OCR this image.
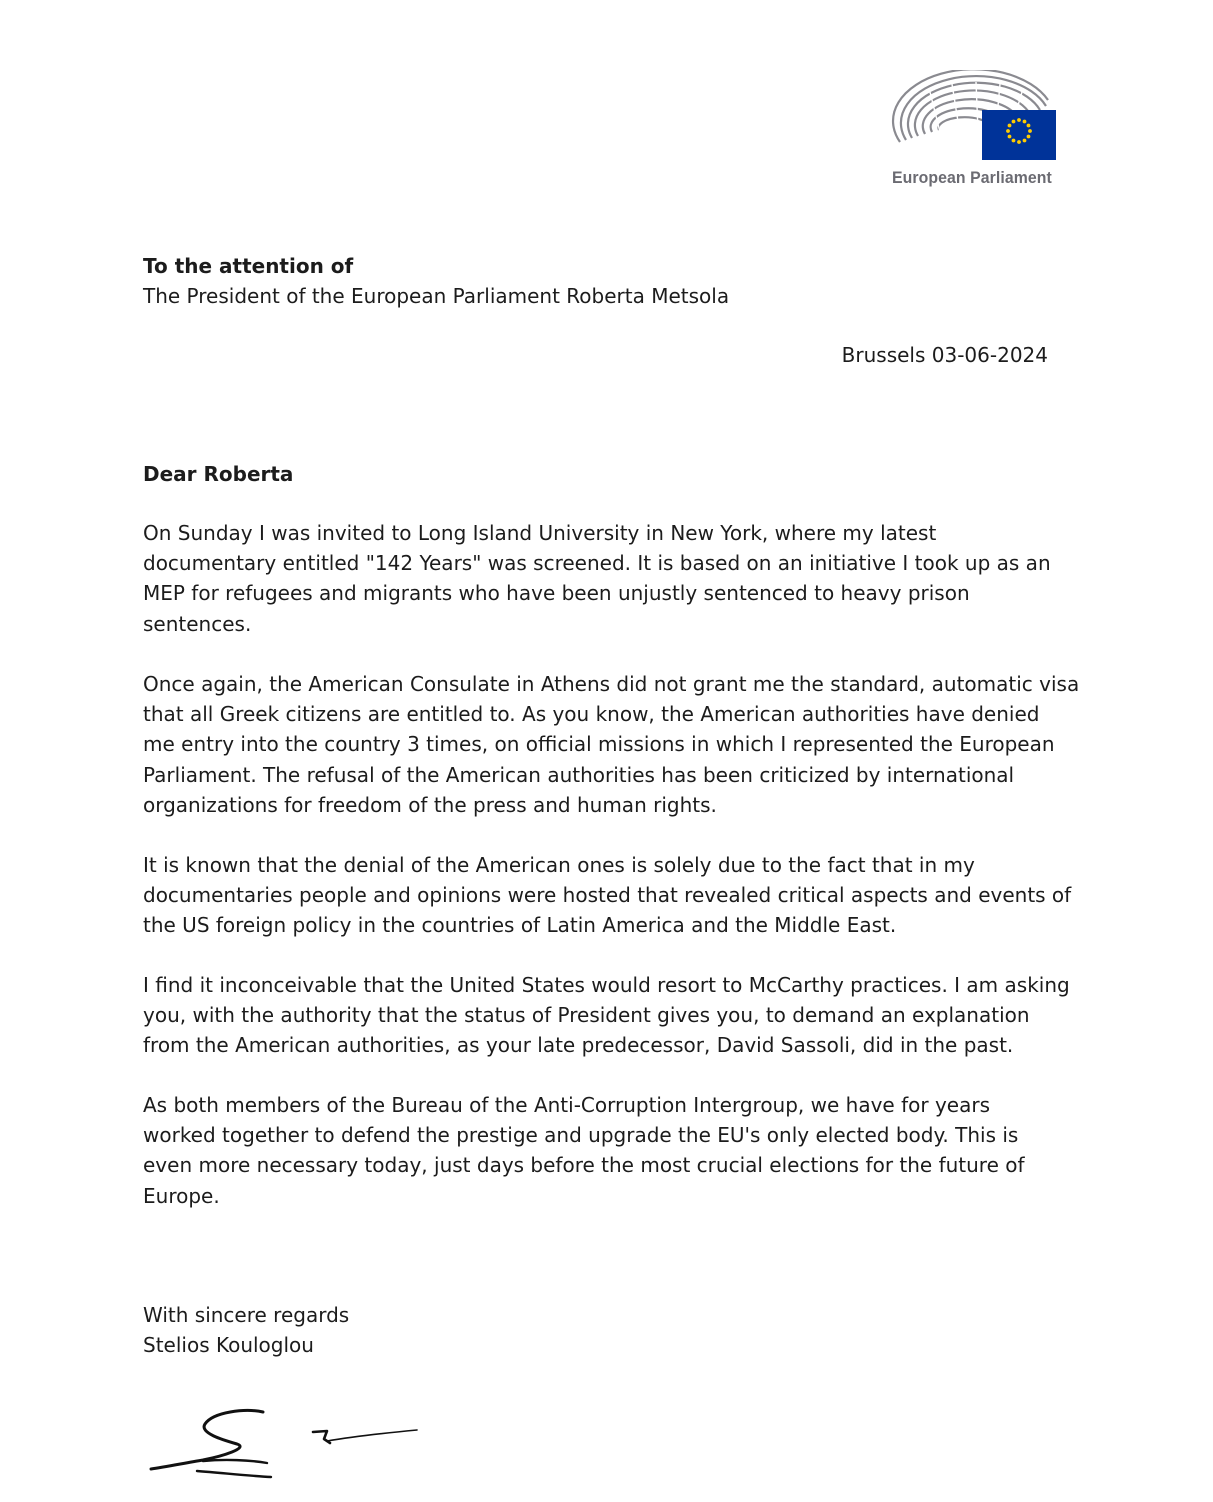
European Parliament
To the attention of
The President of the European Parliament Roberta Metsola
Brussels 03-06-2024
Dear Roberta
On Sunday I was invited to Long Island University in New York, where my latest
documentary entitled "142 Years" was screened. It is based on an initiative I took up as an
MEP for refugees and migrants who have been unjustly sentenced to heavy prison
sentences.
Once again, the American Consulate in Athens did not grant me the standard, automatic visa
that all Greek citizens are entitled to. As you know, the American authorities have denied
me entry into the country 3 times, on official missions in which I represented the European
Parliament. The refusal of the American authorities has been criticized by international
organizations for freedom of the press and human rights.
It is known that the denial of the American ones is solely due to the fact that in my
documentaries people and opinions were hosted that revealed critical aspects and events of
the US foreign policy in the countries of Latin America and the Middle East.
I find it inconceivable that the United States would resort to McCarthy practices. I am asking
you, with the authority that the status of President gives you, to demand an explanation
from the American authorities, as your late predecessor, David Sassoli, did in the past.
As both members of the Bureau of the Anti-Corruption Intergroup, we have for years
worked together to defend the prestige and upgrade the EU's only elected body. This is
even more necessary today, just days before the most crucial elections for the future of
Europe.
With sincere regards
Stelios Kouloglou
